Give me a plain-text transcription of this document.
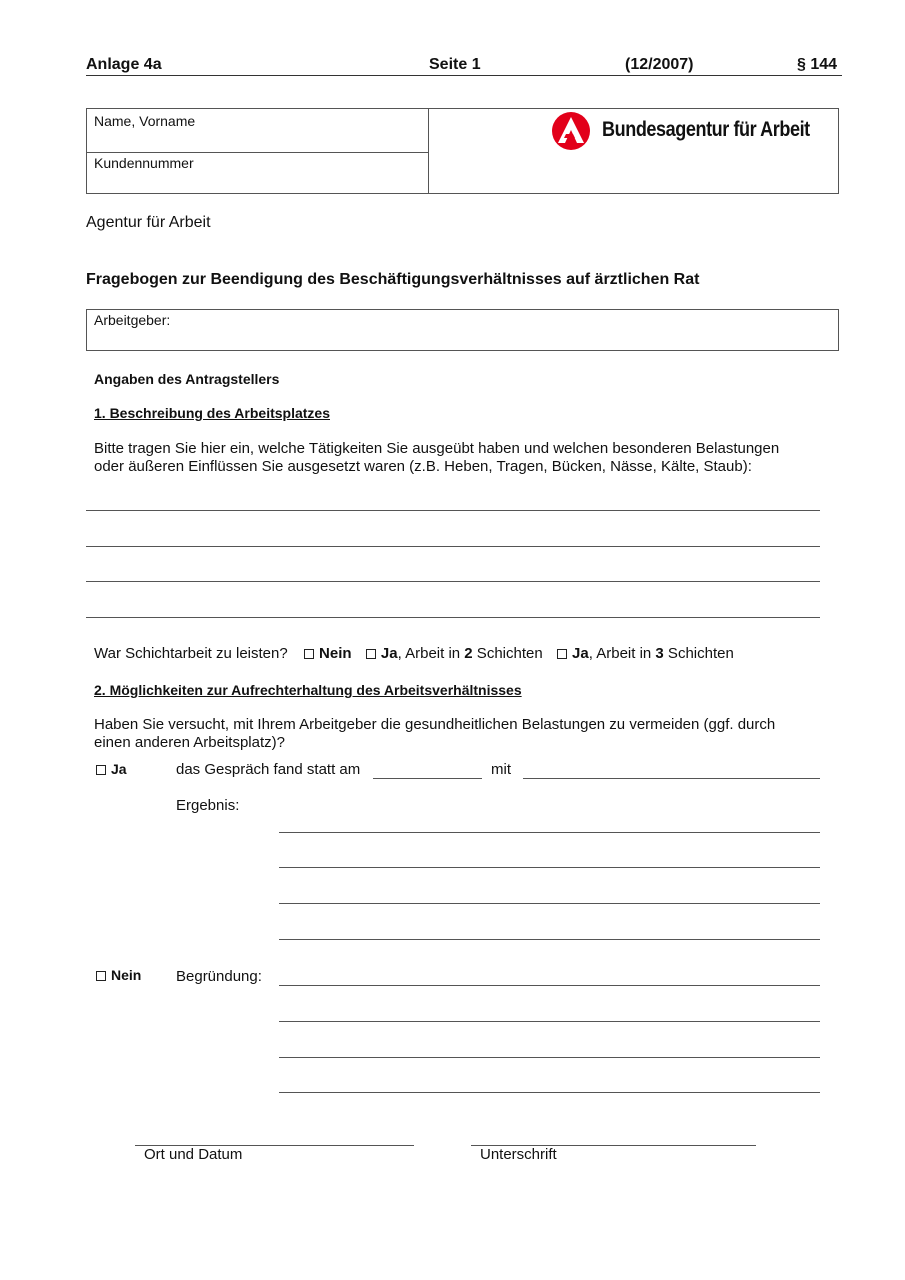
Anlage 4a	Seite 1	(12/2007)	§ 144
Name, Vorname
Kundennummer
Bundesagentur für Arbeit
Agentur für Arbeit
Fragebogen zur Beendigung des Beschäftigungsverhältnisses auf ärztlichen Rat
Arbeitgeber:
Angaben des Antragstellers
1. Beschreibung des Arbeitsplatzes
Bitte tragen Sie hier ein, welche Tätigkeiten Sie ausgeübt haben und welchen besonderen Belastungen
oder äußeren Einflüssen Sie ausgesetzt waren (z.B. Heben, Tragen, Bücken, Nässe, Kälte, Staub):
War Schichtarbeit zu leisten? Nein Ja, Arbeit in 2 Schichten Ja, Arbeit in 3 Schichten
2. Möglichkeiten zur Aufrechterhaltung des Arbeitsverhältnisses
Haben Sie versucht, mit Ihrem Arbeitgeber die gesundheitlichen Belastungen zu vermeiden (ggf. durch
einen anderen Arbeitsplatz)?
Ja	das Gespräch fand statt am	mit
Ergebnis:
Nein Begründung:
Ort und Datum	Unterschrift
